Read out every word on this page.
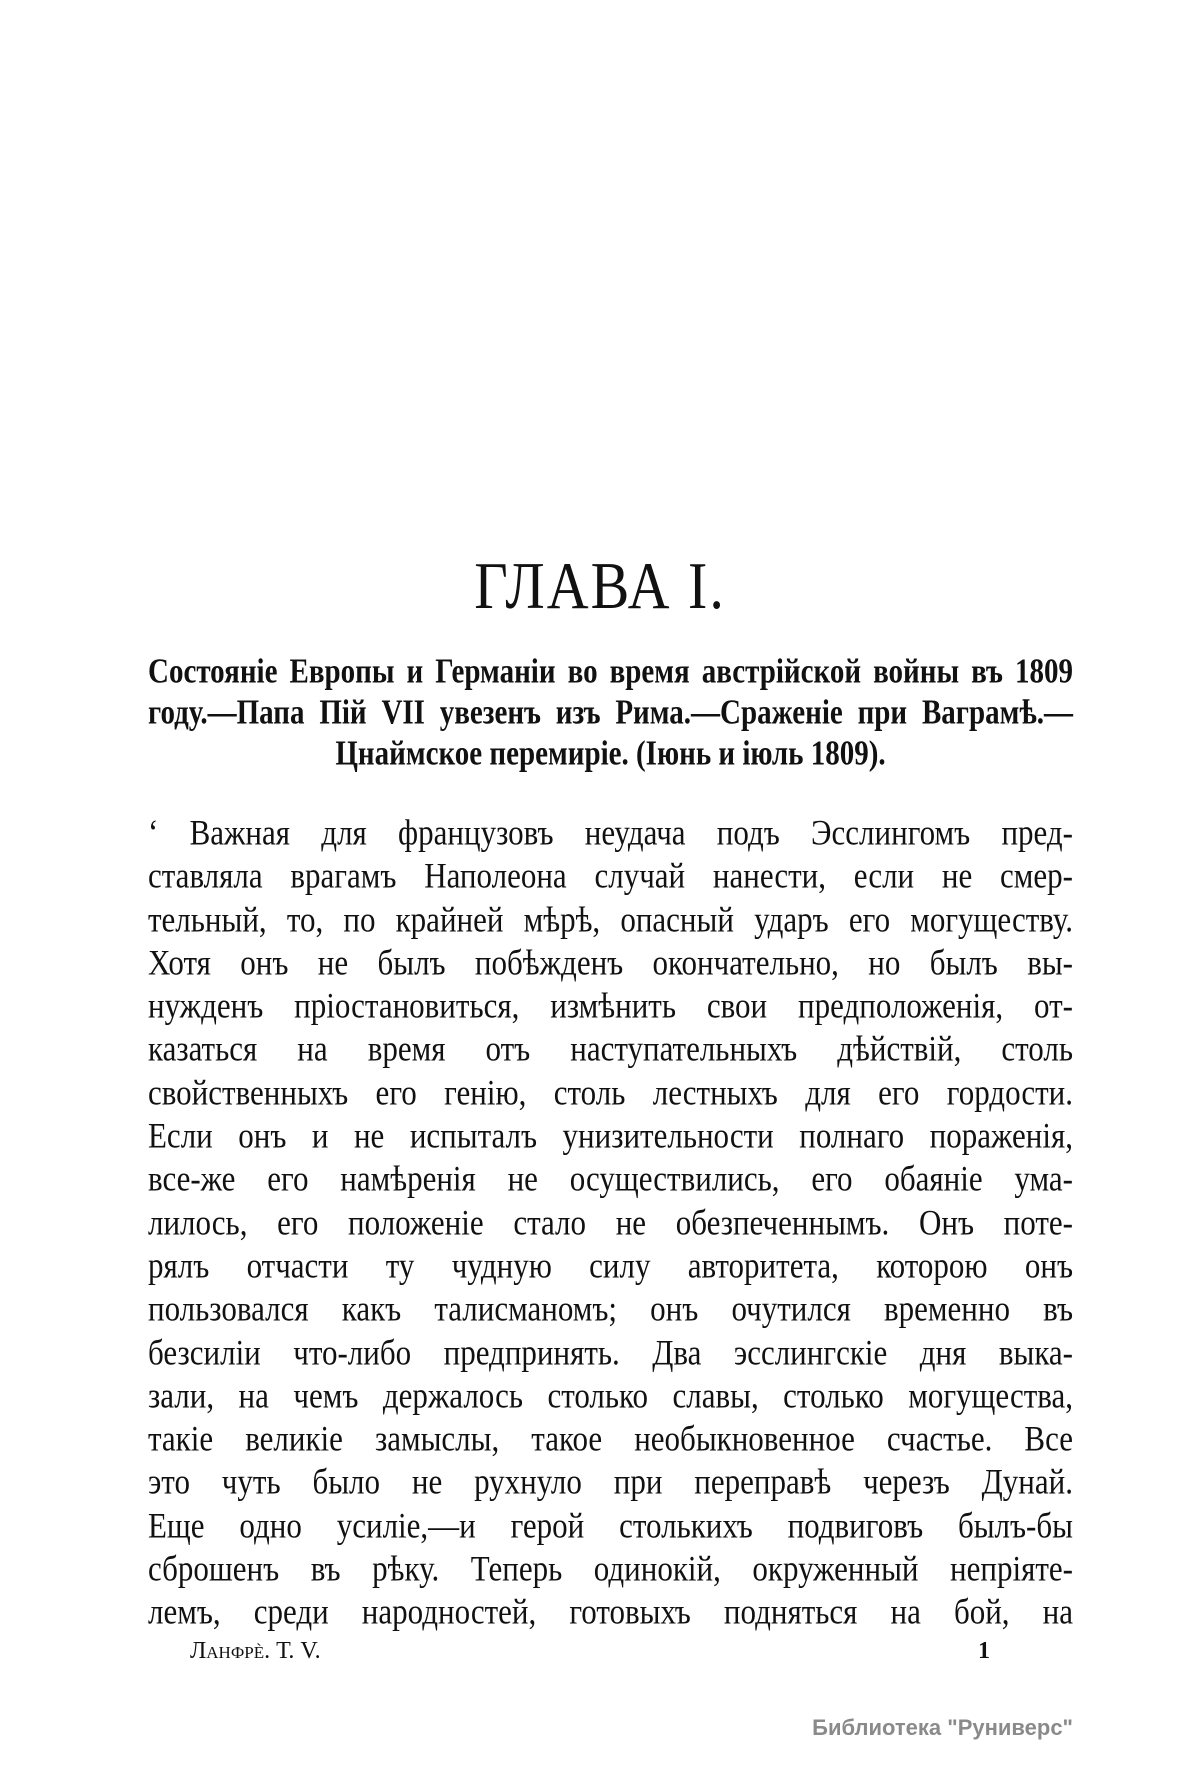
ГЛАВА I.
Состояніе Европы и Германіи во время австрійской войны въ 1809
году.—Папа Пій VII увезенъ изъ Рима.—Сраженіе при Ваграмѣ.—
Цнаймское перемиріе. (Іюнь и іюль 1809).
‘ Важная для французовъ неудача подъ Эсслингомъ пред-
ставляла врагамъ Наполеона случай нанести, если не смер-
тельный, то, по крайней мѣрѣ, опасный ударъ его могуществу.
Хотя онъ не былъ побѣжденъ окончательно, но былъ вы-
нужденъ пріостановиться, измѣнить свои предположенія, от-
казаться на время отъ наступательныхъ дѣйствій, столь
свойственныхъ его генію, столь лестныхъ для его гордости.
Если онъ и не испыталъ унизительности полнаго пораженія,
все-же его намѣренія не осуществились, его обаяніе ума-
лилось, его положеніе стало не обезпеченнымъ. Онъ поте-
рялъ отчасти ту чудную силу авторитета, которою онъ
пользовался какъ талисманомъ; онъ очутился временно въ
безсиліи что-либо предпринять. Два эсслингскіе дня выка-
зали, на чемъ держалось столько славы, столько могущества,
такіе великіе замыслы, такое необыкновенное счастье. Все
это чуть было не рухнуло при переправѣ черезъ Дунай.
Еще одно усиліе,—и герой столькихъ подвиговъ былъ-бы
сброшенъ въ рѣку. Теперь одинокій, окруженный непріяте-
лемъ, среди народностей, готовыхъ подняться на бой, на
Ланфрè. Т. V.	1
Библиотека "Руниверс"
